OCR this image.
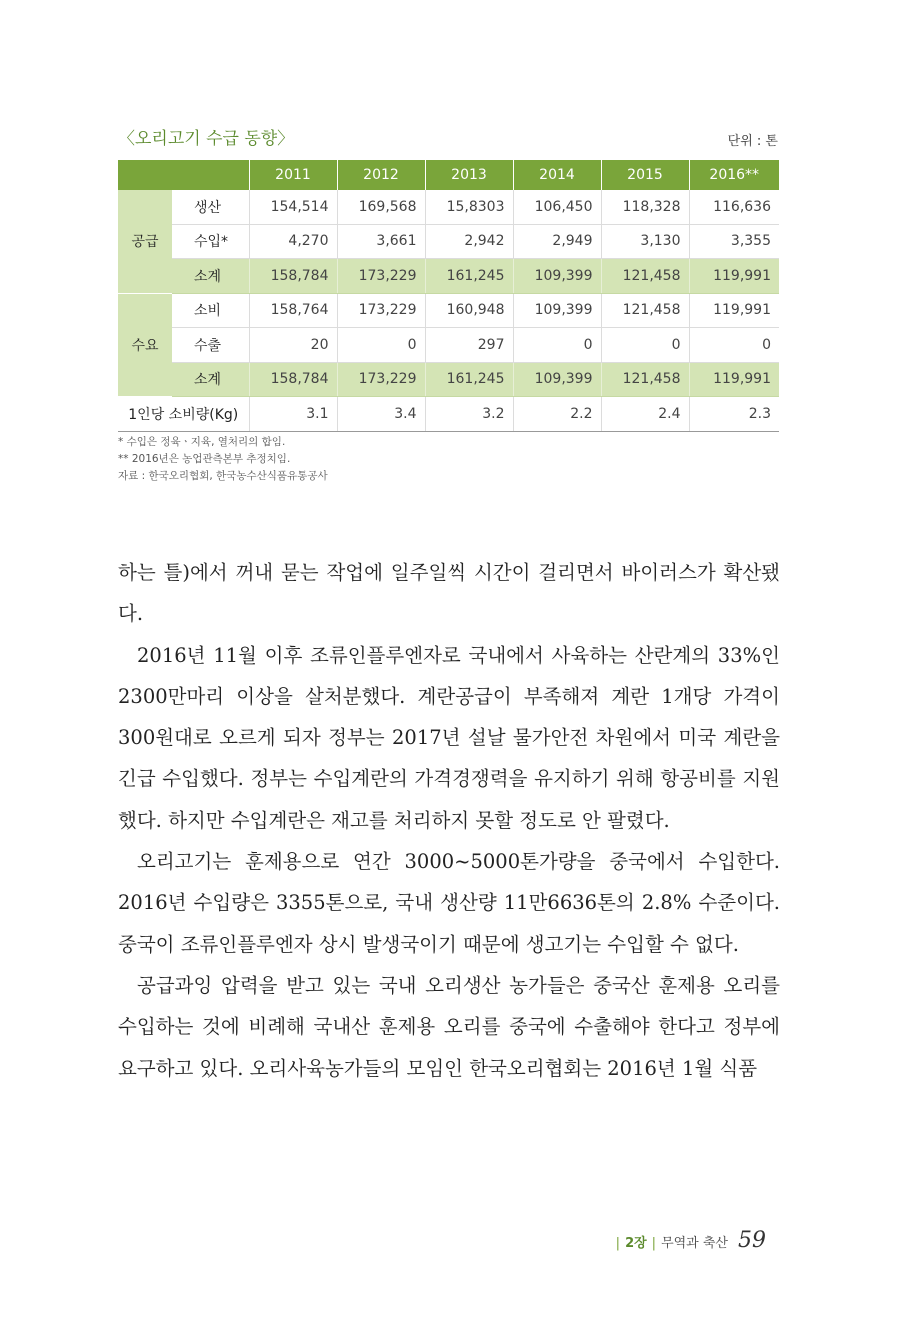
〈오리고기 수급 동향〉	단위 : 톤
		2011	2012	2013	2014	2015	2016**
공급	생산	154,514	169,568	15,8303	106,450	118,328	116,636
	수입*	4,270	3,661	2,942	2,949	3,130	3,355
	소계	158,784	173,229	161,245	109,399	121,458	119,991
수요	소비	158,764	173,229	160,948	109,399	121,458	119,991
	수출	20	0	297	0	0	0
	소계	158,784	173,229	161,245	109,399	121,458	119,991
1인당 소비량(Kg)		3.1	3.4	3.2	2.2	2.4	2.3
* 수입은 정육ㆍ지육, 열처리의 합임.
** 2016년은 농업관측본부 추정치임.
자료 : 한국오리협회, 한국농수산식품유통공사

하는 틀)에서 꺼내 묻는 작업에 일주일씩 시간이 걸리면서 바이러스가 확산됐다.

2016년 11월 이후 조류인플루엔자로 국내에서 사육하는 산란계의 33%인 2300만마리 이상을 살처분했다. 계란공급이 부족해져 계란 1개당 가격이 300원대로 오르게 되자 정부는 2017년 설날 물가안전 차원에서 미국 계란을 긴급 수입했다. 정부는 수입계란의 가격경쟁력을 유지하기 위해 항공비를 지원했다. 하지만 수입계란은 재고를 처리하지 못할 정도로 안 팔렸다.

오리고기는 훈제용으로 연간 3000~5000톤가량을 중국에서 수입한다. 2016년 수입량은 3355톤으로, 국내 생산량 11만6636톤의 2.8% 수준이다. 중국이 조류인플루엔자 상시 발생국이기 때문에 생고기는 수입할 수 없다.

공급과잉 압력을 받고 있는 국내 오리생산 농가들은 중국산 훈제용 오리를 수입하는 것에 비례해 국내산 훈제용 오리를 중국에 수출해야 한다고 정부에 요구하고 있다. 오리사육농가들의 모임인 한국오리협회는 2016년 1월 식품

| 2장 | 무역과 축산 59
